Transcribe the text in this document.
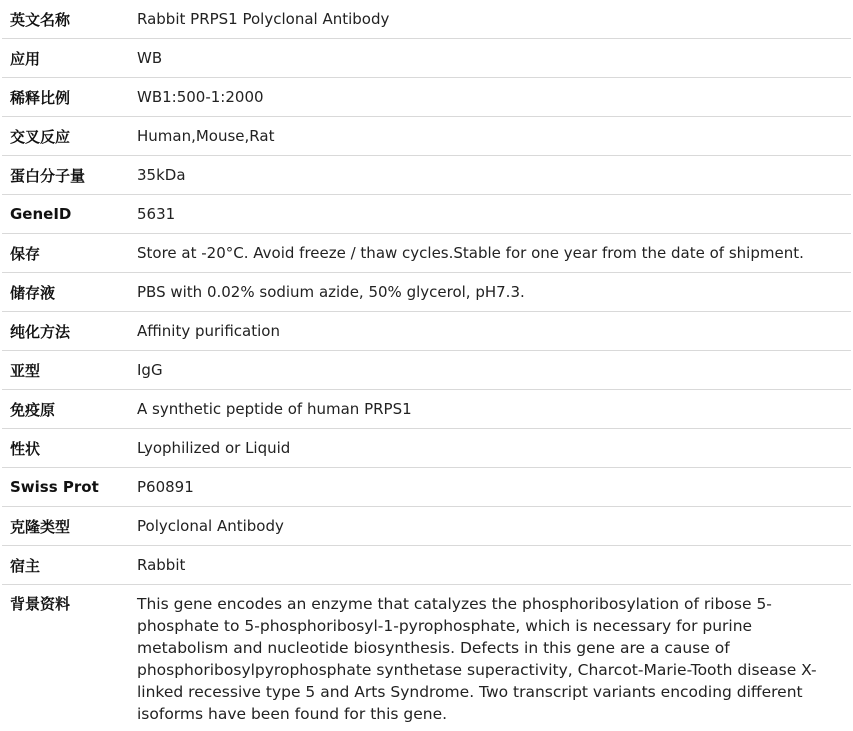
英文名称	Rabbit PRPS1 Polyclonal Antibody
应用	WB
稀释比例	WB1:500-1:2000
交叉反应	Human,Mouse,Rat
蛋白分子量	35kDa
GeneID	5631
保存	Store at -20°C. Avoid freeze / thaw cycles.Stable for one year from the date of shipment.
储存液	PBS with 0.02% sodium azide, 50% glycerol, pH7.3.
纯化方法	Affinity purification
亚型	IgG
免疫原	A synthetic peptide of human PRPS1
性状	Lyophilized or Liquid
Swiss Prot	P60891
克隆类型	Polyclonal Antibody
宿主	Rabbit
背景资料	This gene encodes an enzyme that catalyzes the phosphoribosylation of ribose 5-phosphate to 5-phosphoribosyl-1-pyrophosphate, which is necessary for purine metabolism and nucleotide biosynthesis. Defects in this gene are a cause of phosphoribosylpyrophosphate synthetase superactivity, Charcot-Marie-Tooth disease X-linked recessive type 5 and Arts Syndrome. Two transcript variants encoding different isoforms have been found for this gene.
